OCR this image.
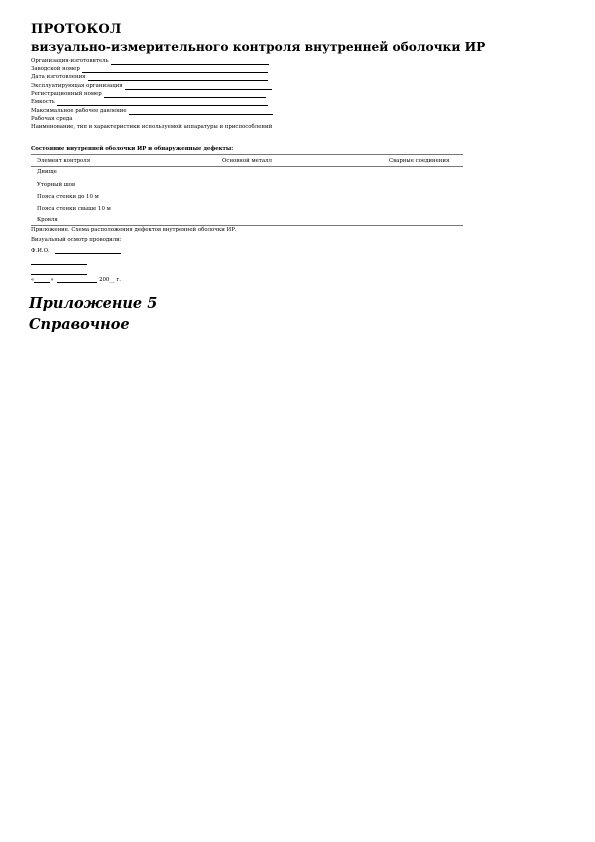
ПРОТОКОЛ
визуально-измерительного контроля внутренней оболочки ИР
Организация-изготовитель
Заводской номер
Дата изготовления
Эксплуатирующая организация
Регистрационный номер
Емкость
Максимальное рабочее давление
Рабочая среда
Наименование, тип и характеристики используемой аппаратуры и приспособлений
Состояние внутренней оболочки ИР и обнаруженные дефекты:
Элемент контроля	Основной металл	Сварные соединения
Днище
Уторный шов
Пояса стенки до 10 м
Пояса стенки свыше 10 м
Кровля
Приложение. Схема расположения дефектов внутренней оболочки ИР.
Визуальный осмотр проводили:
Ф.И.О.
«	»	200__ г.
Приложение 5
Справочное
